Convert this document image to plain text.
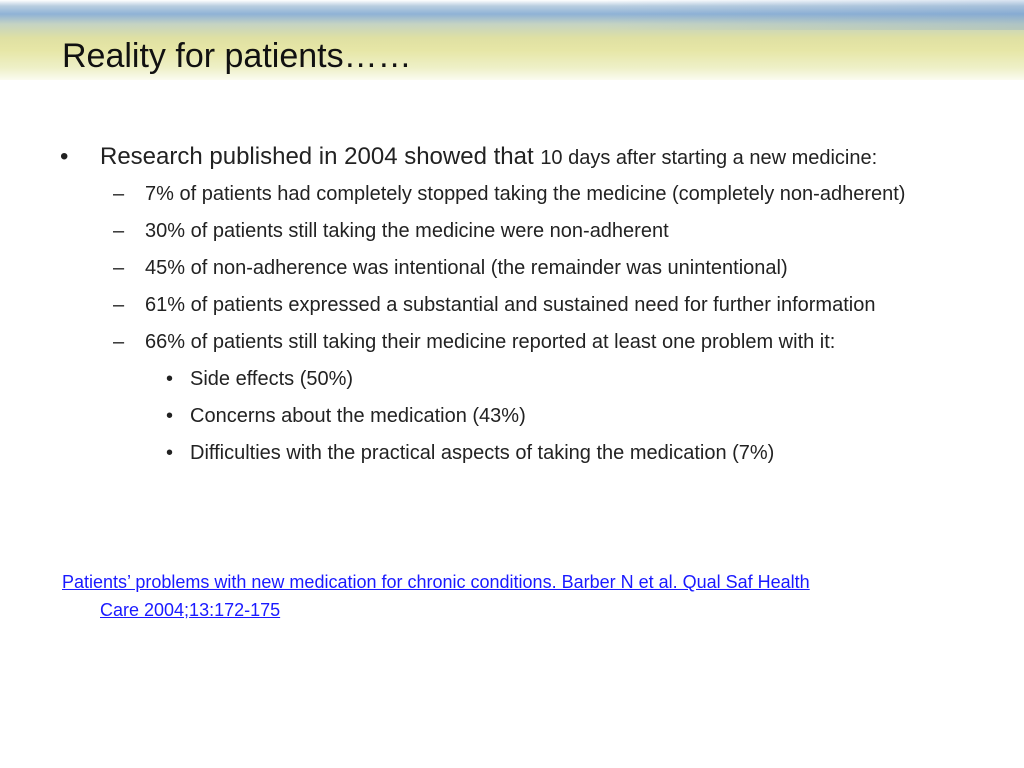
Reality for patients……
• Research published in 2004 showed that 10 days after starting a new medicine:
– 7% of patients had completely stopped taking the medicine (completely non-adherent)
– 30% of patients still taking the medicine were non-adherent
– 45% of non-adherence was intentional (the remainder was unintentional)
– 61% of patients expressed a substantial and sustained need for further information
– 66% of patients still taking their medicine reported at least one problem with it:
• Side effects (50%)
• Concerns about the medication (43%)
• Difficulties with the practical aspects of taking the medication (7%)
Patients’ problems with new medication for chronic conditions. Barber N et al. Qual Saf Health
Care 2004;13:172-175
